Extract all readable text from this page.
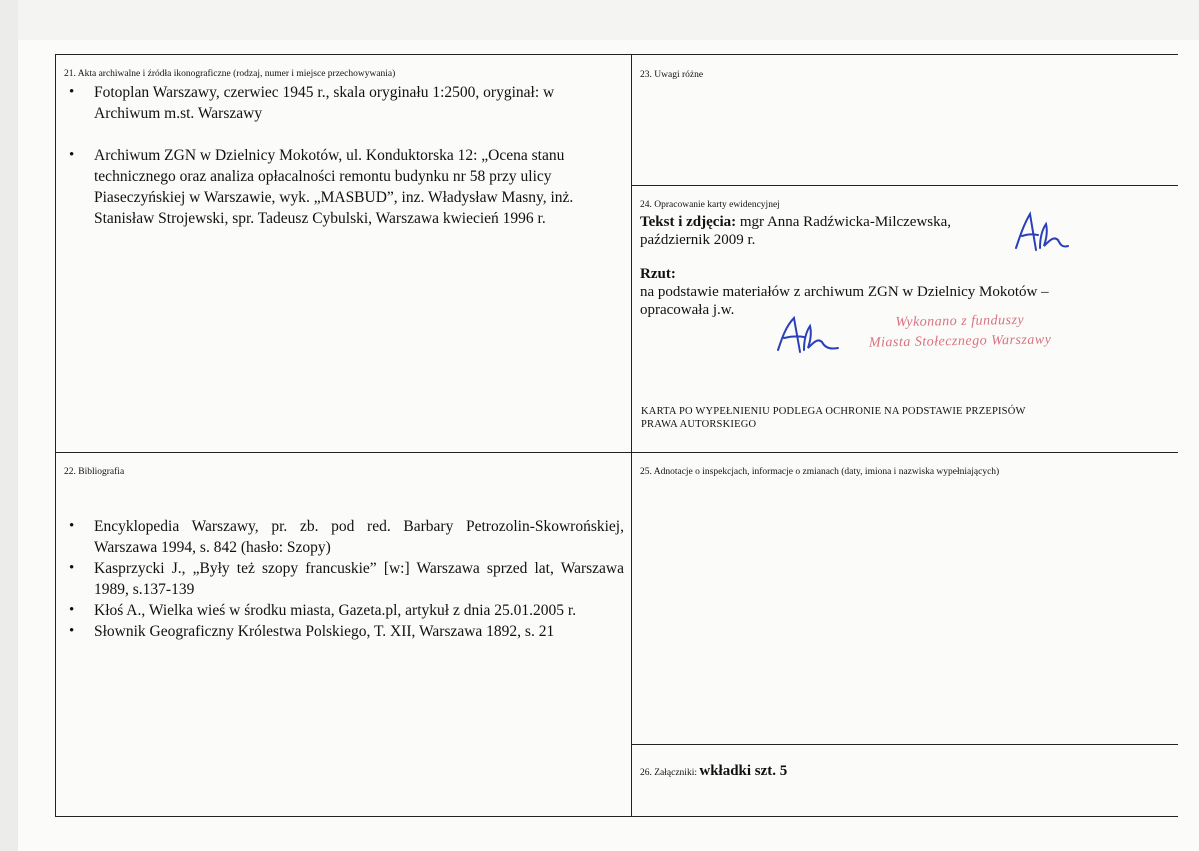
21. Akta archiwalne i źródła ikonograficzne (rodzaj, numer i miejsce przechowywania)
• Fotoplan Warszawy, czerwiec 1945 r., skala oryginału 1:2500, oryginał: w Archiwum m.st. Warszawy
• Archiwum ZGN w Dzielnicy Mokotów, ul. Konduktorska 12: „Ocena stanu technicznego oraz analiza opłacalności remontu budynku nr 58 przy ulicy Piaseczyńskiej w Warszawie, wyk. „MASBUD”, inz. Władysław Masny, inż. Stanisław Strojewski, spr. Tadeusz Cybulski, Warszawa kwiecień 1996 r.
22. Bibliografia
• Encyklopedia Warszawy, pr. zb. pod red. Barbary Petrozolin-Skowrońskiej, Warszawa 1994, s. 842 (hasło: Szopy)
• Kasprzycki J., „Były też szopy francuskie” [w:] Warszawa sprzed lat, Warszawa 1989, s.137-139
• Kłoś A., Wielka wieś w środku miasta, Gazeta.pl, artykuł z dnia 25.01.2005 r.
• Słownik Geograficzny Królestwa Polskiego, T. XII, Warszawa 1892, s. 21
23. Uwagi różne
24. Opracowanie karty ewidencyjnej
Tekst i zdjęcia: mgr Anna Radźwicka-Milczewska,
październik 2009 r.
Rzut:
na podstawie materiałów z archiwum ZGN w Dzielnicy Mokotów –
opracowała j.w.
Wykonano z funduszy
Miasta Stołecznego Warszawy
KARTA PO WYPEŁNIENIU PODLEGA OCHRONIE NA PODSTAWIE PRZEPISÓW
PRAWA AUTORSKIEGO
25. Adnotacje o inspekcjach, informacje o zmianach (daty, imiona i nazwiska wypełniających)
26. Załączniki: wkładki szt. 5
